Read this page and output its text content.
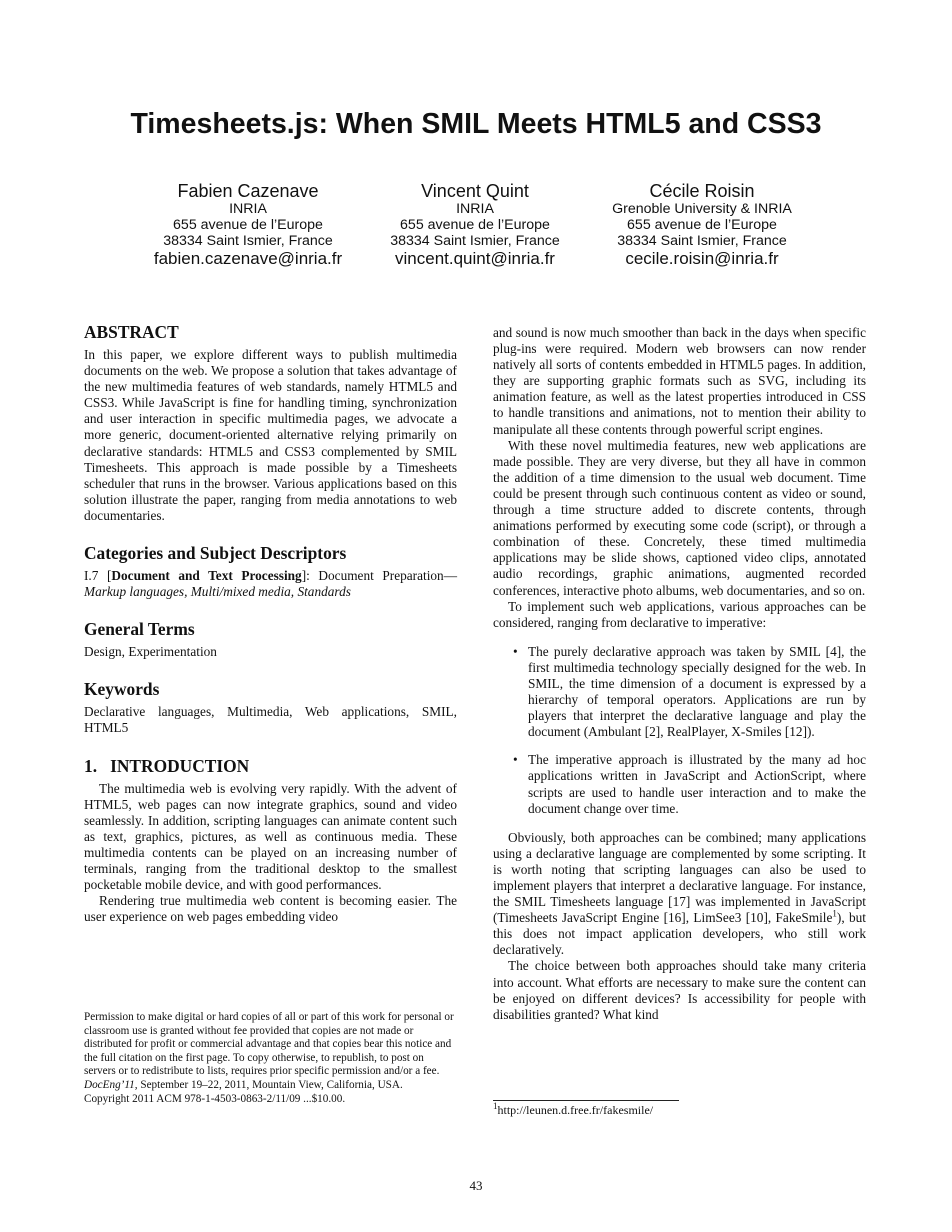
Timesheets.js: When SMIL Meets HTML5 and CSS3
Fabien Cazenave
INRIA
655 avenue de l’Europe
38334 Saint Ismier, France
fabien.cazenave@inria.fr
Vincent Quint
INRIA
655 avenue de l’Europe
38334 Saint Ismier, France
vincent.quint@inria.fr
Cécile Roisin
Grenoble University & INRIA
655 avenue de l’Europe
38334 Saint Ismier, France
cecile.roisin@inria.fr
ABSTRACT

In this paper, we explore different ways to publish multimedia documents on the web. We propose a solution that takes advantage of the new multimedia features of web standards, namely HTML5 and CSS3. While JavaScript is fine for handling timing, synchronization and user interaction in specific multimedia pages, we advocate a more generic, document-oriented alternative relying primarily on declarative standards: HTML5 and CSS3 complemented by SMIL Timesheets. This approach is made possible by a Timesheets scheduler that runs in the browser. Various applications based on this solution illustrate the paper, ranging from media annotations to web documentaries.

Categories and Subject Descriptors

I.7 [Document and Text Processing]: Document Preparation—Markup languages, Multi/mixed media, Standards

General Terms

Design, Experimentation

Keywords

Declarative languages, Multimedia, Web applications, SMIL, HTML5

1.   INTRODUCTION

The multimedia web is evolving very rapidly. With the advent of HTML5, web pages can now integrate graphics, sound and video seamlessly. In addition, scripting languages can animate content such as text, graphics, pictures, as well as continuous media. These multimedia contents can be played on an increasing number of terminals, ranging from the traditional desktop to the smallest pocketable mobile device, and with good performances.

Rendering true multimedia web content is becoming easier. The user experience on web pages embedding video

Permission to make digital or hard copies of all or part of this work for personal or classroom use is granted without fee provided that copies are not made or distributed for profit or commercial advantage and that copies bear this notice and the full citation on the first page. To copy otherwise, to republish, to post on servers or to redistribute to lists, requires prior specific permission and/or a fee.

DocEng’11, September 19–22, 2011, Mountain View, California, USA.

Copyright 2011 ACM 978-1-4503-0863-2/11/09 ...$10.00.

and sound is now much smoother than back in the days when specific plug-ins were required. Modern web browsers can now render natively all sorts of contents embedded in HTML5 pages. In addition, they are supporting graphic formats such as SVG, including its animation feature, as well as the latest properties introduced in CSS to handle transitions and animations, not to mention their ability to manipulate all these contents through powerful script engines.

With these novel multimedia features, new web applications are made possible. They are very diverse, but they all have in common the addition of a time dimension to the usual web document. Time could be present through such continuous content as video or sound, through a time structure added to discrete contents, through animations performed by executing some code (script), or through a combination of these. Concretely, these timed multimedia applications may be slide shows, captioned video clips, annotated audio recordings, graphic animations, augmented recorded conferences, interactive photo albums, web documentaries, and so on.

To implement such web applications, various approaches can be considered, ranging from declarative to imperative:

• The purely declarative approach was taken by SMIL [4], the first multimedia technology specially designed for the web. In SMIL, the time dimension of a document is expressed by a hierarchy of temporal operators. Applications are run by players that interpret the declarative language and play the document (Ambulant [2], RealPlayer, X-Smiles [12]).
• The imperative approach is illustrated by the many ad hoc applications written in JavaScript and ActionScript, where scripts are used to handle user interaction and to make the document change over time.

Obviously, both approaches can be combined; many applications using a declarative language are complemented by some scripting. It is worth noting that scripting languages can also be used to implement players that interpret a declarative language. For instance, the SMIL Timesheets language [17] was implemented in JavaScript (Timesheets JavaScript Engine [16], LimSee3 [10], FakeSmile$^1$), but this does not impact application developers, who still work declaratively.

The choice between both approaches should take many criteria into account. What efforts are necessary to make sure the content can be enjoyed on different devices? Is accessibility for people with disabilities granted? What kind

$^1$http://leunen.d.free.fr/fakesmile/
43
